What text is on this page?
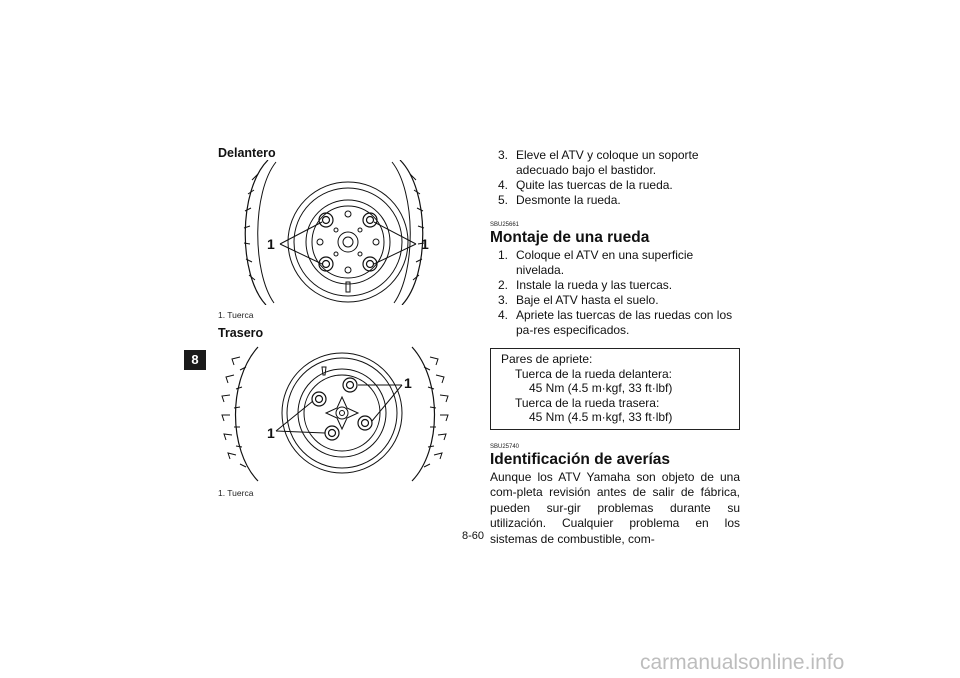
8
Delantero
1	1
1. Tuerca
Trasero
1
1
1. Tuerca
3. Eleve el ATV y coloque un soporte adecuado bajo el bastidor.
4. Quite las tuercas de la rueda.
5. Desmonte la rueda.
SBU25661
Montaje de una rueda
1. Coloque el ATV en una superficie nivelada.
2. Instale la rueda y las tuercas.
3. Baje el ATV hasta el suelo.
4. Apriete las tuercas de las ruedas con los pa-res especificados.
Pares de apriete:
Tuerca de la rueda delantera:
45 Nm (4.5 m·kgf, 33 ft·lbf)
Tuerca de la rueda trasera:
45 Nm (4.5 m·kgf, 33 ft·lbf)
SBU25740
Identificación de averías
Aunque los ATV Yamaha son objeto de una com-pleta revisión antes de salir de fábrica, pueden sur-gir problemas durante su utilización. Cualquier problema en los sistemas de combustible, com-
8-60
carmanualsonline.info
